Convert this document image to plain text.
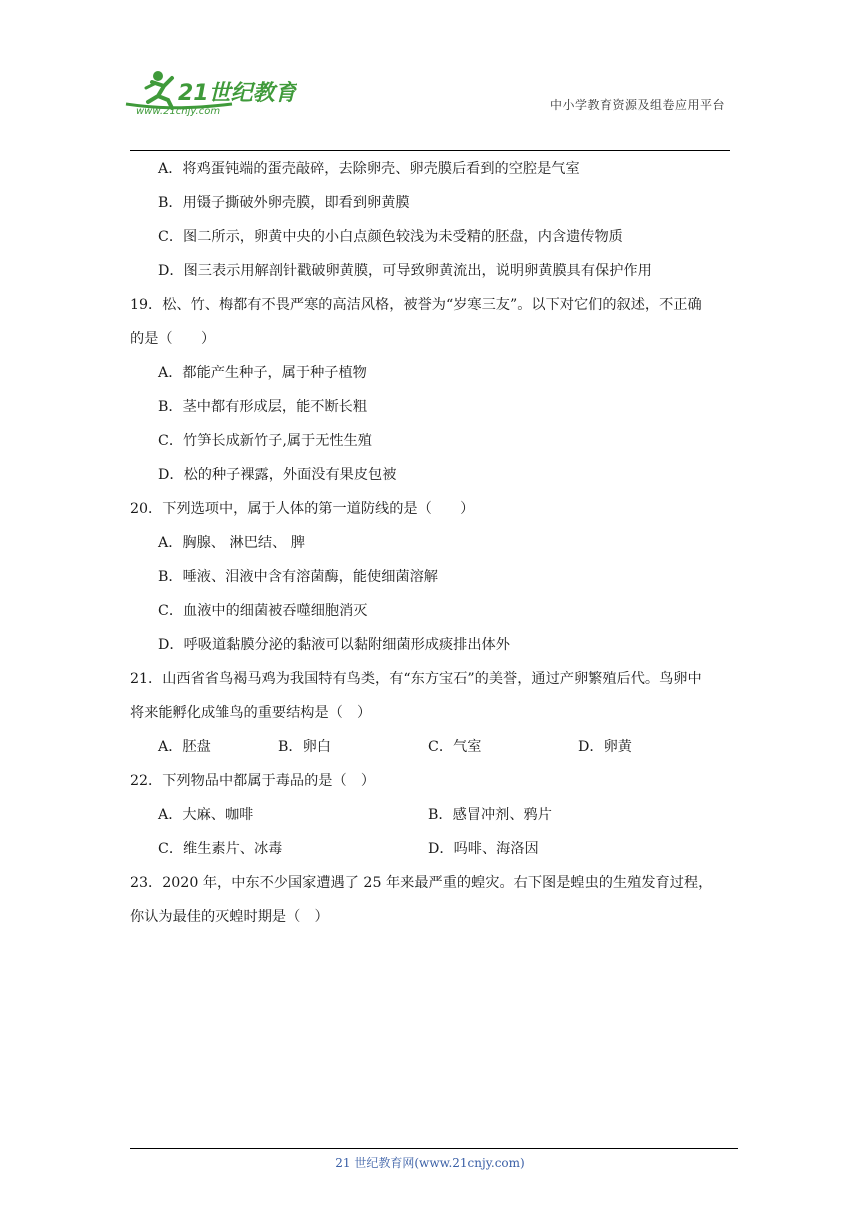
21世纪教育
www.21cnjy.com	中小学教育资源及组卷应用平台
A．将鸡蛋钝端的蛋壳敲碎，去除卵壳、卵壳膜后看到的空腔是气室
B．用镊子撕破外卵壳膜，即看到卵黄膜
C．图二所示，卵黄中央的小白点颜色较浅为未受精的胚盘，内含遗传物质
D．图三表示用解剖针戳破卵黄膜，可导致卵黄流出，说明卵黄膜具有保护作用
19．松、竹、梅都有不畏严寒的高洁风格，被誉为“岁寒三友”。以下对它们的叙述，不正确
的是（　　）
A．都能产生种子，属于种子植物
B．茎中都有形成层，能不断长粗
C．竹笋长成新竹子,属于无性生殖
D．松的种子裸露，外面没有果皮包被
20．下列选项中，属于人体的第一道防线的是（　　）
A．胸腺、 淋巴结、 脾
B．唾液、泪液中含有溶菌酶，能使细菌溶解
C．血液中的细菌被吞噬细胞消灭
D．呼吸道黏膜分泌的黏液可以黏附细菌形成痰排出体外
21．山西省省鸟褐马鸡为我国特有鸟类，有“东方宝石”的美誉，通过产卵繁殖后代。鸟卵中
将来能孵化成雏鸟的重要结构是（　）
A．胚盘	B．卵白	C．气室	D．卵黄
22．下列物品中都属于毒品的是（　）
A．大麻、咖啡	B．感冒冲剂、鸦片
C．维生素片、冰毒	D．吗啡、海洛因
23．2020 年，中东不少国家遭遇了 25 年来最严重的蝗灾。右下图是蝗虫的生殖发育过程，
你认为最佳的灭蝗时期是（　）
21 世纪教育网(www.21cnjy.com)
